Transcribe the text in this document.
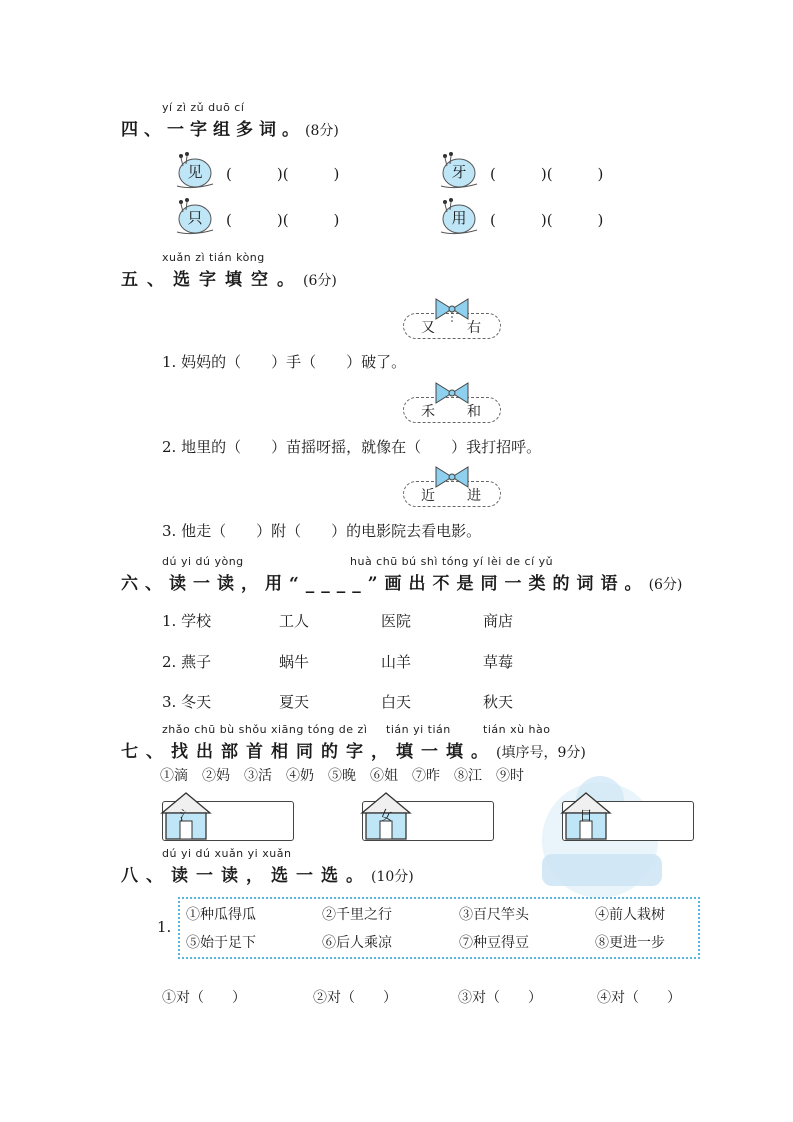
yí zì zǔ duō cí
四、一字组多词。(8分)
见	(　　　)(　　　)	牙	(　　　)(　　　)
只	(　　　)(　　　)	用	(　　　)(　　　)
xuǎn zì tián kòng
五、选字填空。(6分)
又 右
1. 妈妈的（　　）手（　　）破了。
禾 和
2. 地里的（　　）苗摇呀摇，就像在（　　）我打招呼。
近 进
3. 他走（　　）附（　　）的电影院去看电影。
dú yi dú yòng	huà chū bú shì tóng yí lèi de cí yǔ
六、读一读，用“____”画出不是同一类的词语。(6分)
1. 学校	工人	医院	商店
2. 燕子	蜗牛	山羊	草莓
3. 冬天	夏天	白天	秋天
zhǎo chū bù shǒu xiāng tóng de zì tián yi tián	tián xù hào
七、找出部首相同的字，填一填。(填序号，9分)
①滴　②妈　③活　④奶　⑤晚　⑥姐　⑦昨　⑧江　⑨时
氵	女	日
dú yi dú xuǎn yi xuǎn
八、读一读，选一选。(10分)
1.
①种瓜得瓜	②千里之行	③百尺竿头	④前人栽树
⑤始于足下	⑥后人乘凉	⑦种豆得豆	⑧更进一步
①对（　　）	②对（　　）	③对（　　）	④对（　　）
